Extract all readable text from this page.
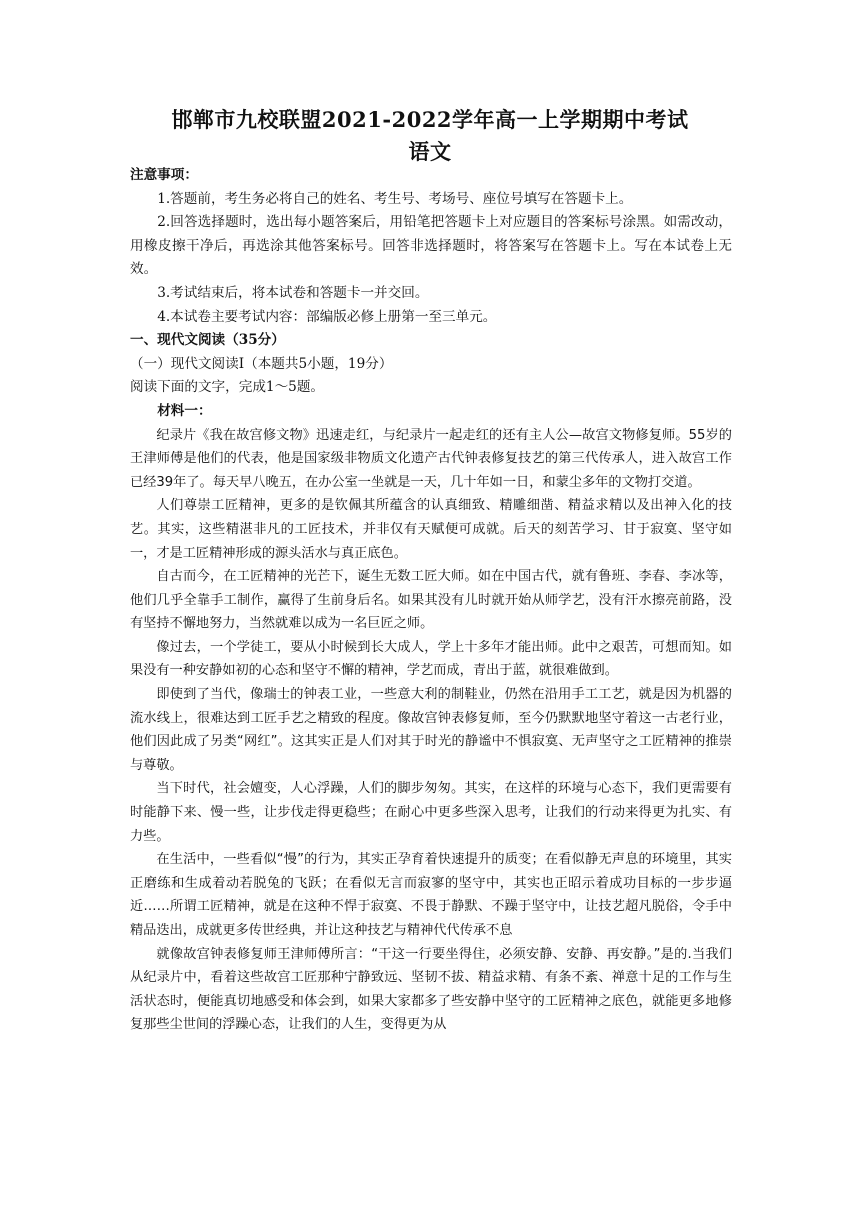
邯郸市九校联盟2021-2022学年高一上学期期中考试
语文

注意事项：

1.答题前，考生务必将自己的姓名、考生号、考场号、座位号填写在答题卡上。

2.回答选择题时，选出每小题答案后，用铅笔把答题卡上对应题目的答案标号涂黑。如需改动，用橡皮擦干净后，再选涂其他答案标号。回答非选择题时，将答案写在答题卡上。写在本试卷上无效。

3.考试结束后，将本试卷和答题卡一并交回。

4.本试卷主要考试内容：部编版必修上册第一至三单元。

一、现代文阅读（35分）

（一）现代文阅读Ⅰ（本题共5小题，19分）

阅读下面的文字，完成1～5题。

材料一：

纪录片《我在故宫修文物》迅速走红，与纪录片一起走红的还有主人公—故宫文物修复师。55岁的王津师傅是他们的代表，他是国家级非物质文化遗产古代钟表修复技艺的第三代传承人，进入故宫工作已经39年了。每天早八晚五，在办公室一坐就是一天，几十年如一日，和蒙尘多年的文物打交道。

人们尊崇工匠精神，更多的是钦佩其所蕴含的认真细致、精雕细凿、精益求精以及出神入化的技艺。其实，这些精湛非凡的工匠技术，并非仅有天赋便可成就。后天的刻苦学习、甘于寂寞、坚守如一，才是工匠精神形成的源头活水与真正底色。

自古而今，在工匠精神的光芒下，诞生无数工匠大师。如在中国古代，就有鲁班、李春、李冰等，他们几乎全靠手工制作，赢得了生前身后名。如果其没有儿时就开始从师学艺，没有汗水擦亮前路，没有坚持不懈地努力，当然就难以成为一名巨匠之师。

像过去，一个学徒工，要从小时候到长大成人，学上十多年才能出师。此中之艰苦，可想而知。如果没有一种安静如初的心态和坚守不懈的精神，学艺而成，青出于蓝，就很难做到。

即使到了当代，像瑞士的钟表工业，一些意大利的制鞋业，仍然在沿用手工工艺，就是因为机器的流水线上，很难达到工匠手艺之精致的程度。像故宫钟表修复师，至今仍默默地坚守着这一古老行业，他们因此成了另类“网红”。这其实正是人们对其于时光的静谧中不惧寂寞、无声坚守之工匠精神的推崇与尊敬。

当下时代，社会嬗变，人心浮躁，人们的脚步匆匆。其实，在这样的环境与心态下，我们更需要有时能静下来、慢一些，让步伐走得更稳些；在耐心中更多些深入思考，让我们的行动来得更为扎实、有力些。

在生活中，一些看似“慢”的行为，其实正孕育着快速提升的质变；在看似静无声息的环境里，其实正磨练和生成着动若脱兔的飞跃；在看似无言而寂寥的坚守中，其实也正昭示着成功目标的一步步逼近……所谓工匠精神，就是在这种不悍于寂寞、不畏于静默、不躁于坚守中，让技艺超凡脱俗，令手中精品迭出，成就更多传世经典，并让这种技艺与精神代代传承不息

就像故宫钟表修复师王津师傅所言：“干这一行要坐得住，必须安静、安静、再安静。”是的.当我们从纪录片中，看着这些故宫工匠那种宁静致远、坚韧不拔、精益求精、有条不紊、禅意十足的工作与生活状态时，便能真切地感受和体会到，如果大家都多了些安静中坚守的工匠精神之底色，就能更多地修复那些尘世间的浮躁心态，让我们的人生，变得更为从
